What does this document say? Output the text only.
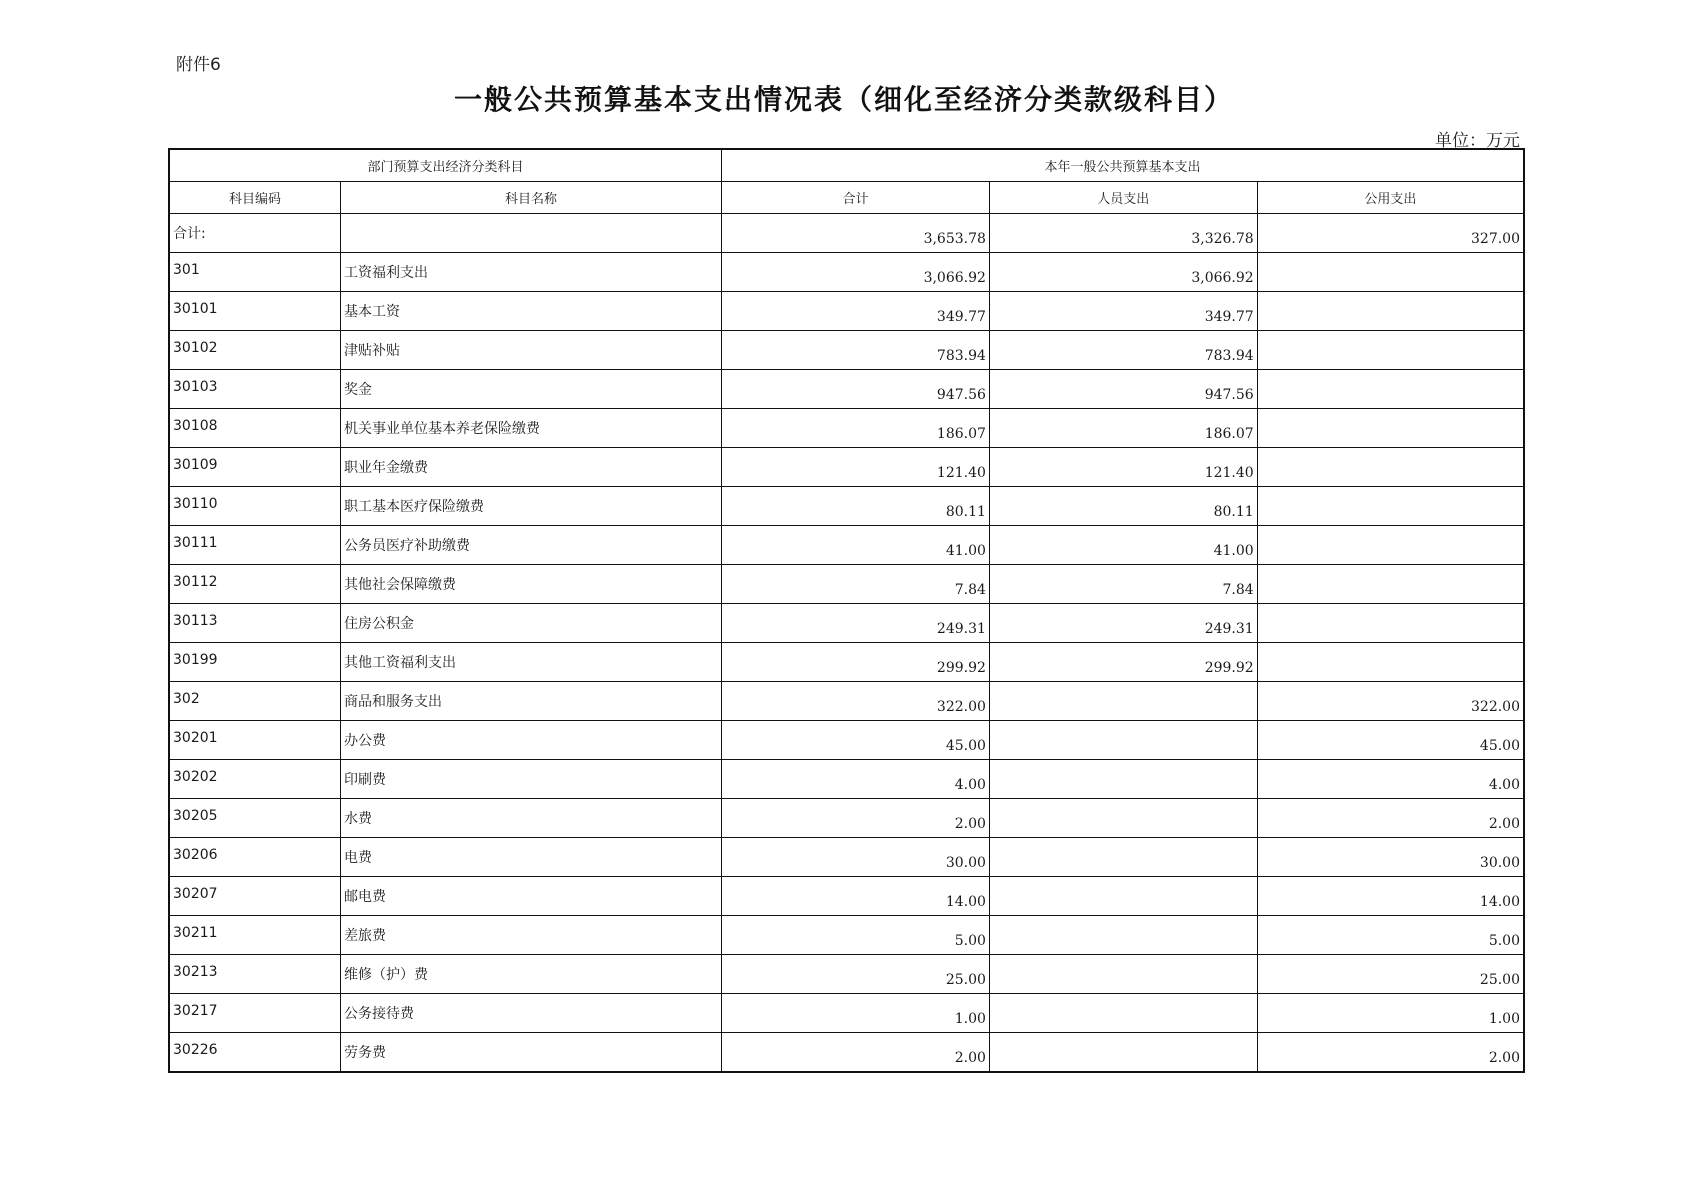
附件6
一般公共预算基本支出情况表（细化至经济分类款级科目）
单位：万元
部门预算支出经济分类科目		本年一般公共预算基本支出		
科目编码	科目名称	合计	人员支出	公用支出
合计:		3,653.78	3,326.78	327.00
301	工资福利支出	3,066.92	3,066.92	
30101	基本工资	349.77	349.77	
30102	津贴补贴	783.94	783.94	
30103	奖金	947.56	947.56	
30108	机关事业单位基本养老保险缴费	186.07	186.07	
30109	职业年金缴费	121.40	121.40	
30110	职工基本医疗保险缴费	80.11	80.11	
30111	公务员医疗补助缴费	41.00	41.00	
30112	其他社会保障缴费	7.84	7.84	
30113	住房公积金	249.31	249.31	
30199	其他工资福利支出	299.92	299.92	
302	商品和服务支出	322.00		322.00
30201	办公费	45.00		45.00
30202	印刷费	4.00		4.00
30205	水费	2.00		2.00
30206	电费	30.00		30.00
30207	邮电费	14.00		14.00
30211	差旅费	5.00		5.00
30213	维修（护）费	25.00		25.00
30217	公务接待费	1.00		1.00
30226	劳务费	2.00		2.00
